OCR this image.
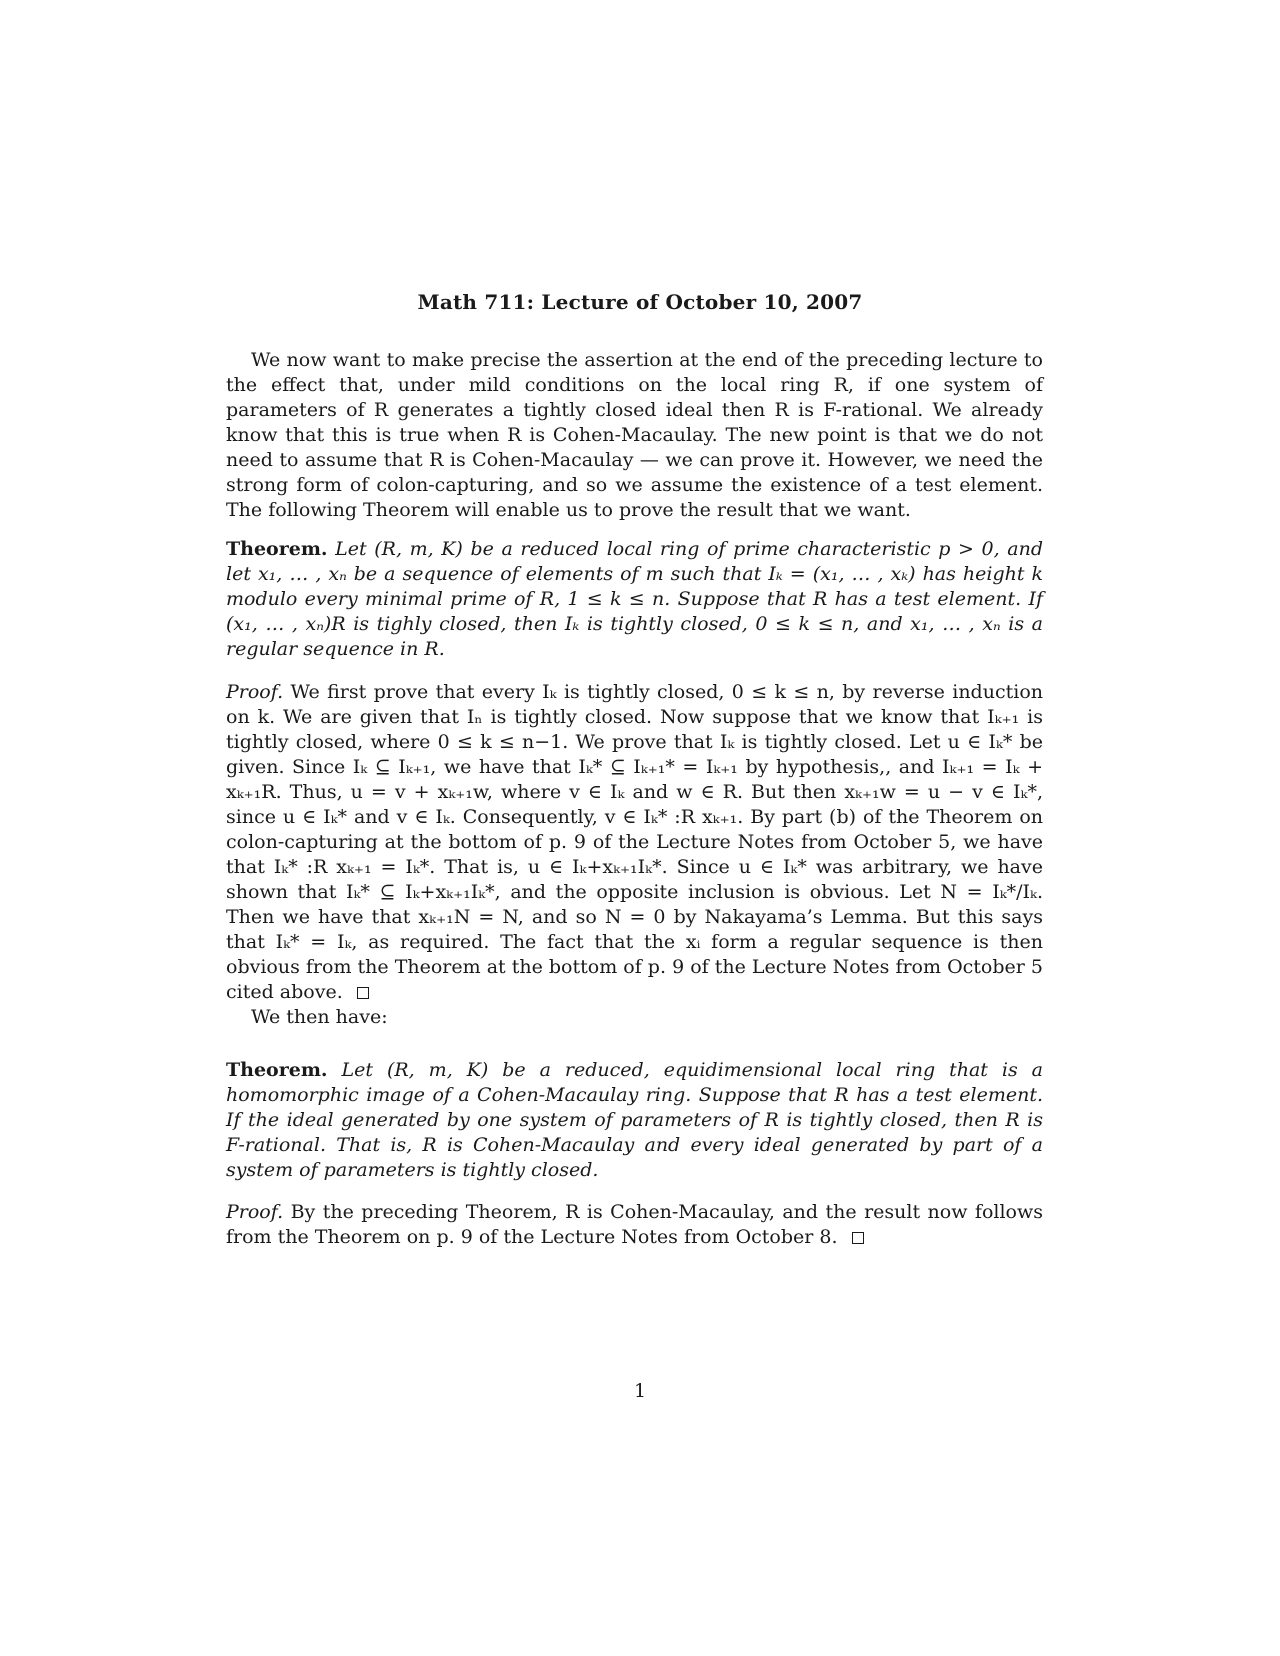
Math 711: Lecture of October 10, 2007

We now want to make precise the assertion at the end of the preceding lecture to the effect that, under mild conditions on the local ring R, if one system of parameters of R generates a tightly closed ideal then R is F-rational. We already know that this is true when R is Cohen-Macaulay. The new point is that we do not need to assume that R is Cohen-Macaulay — we can prove it. However, we need the strong form of colon-capturing, and so we assume the existence of a test element. The following Theorem will enable us to prove the result that we want.

Theorem. Let (R, m, K) be a reduced local ring of prime characteristic p > 0, and let x₁, … , xₙ be a sequence of elements of m such that Iₖ = (x₁, … , xₖ) has height k modulo every minimal prime of R, 1 ≤ k ≤ n. Suppose that R has a test element. If (x₁, … , xₙ)R is tighly closed, then Iₖ is tightly closed, 0 ≤ k ≤ n, and x₁, … , xₙ is a regular sequence in R.

Proof. We first prove that every Iₖ is tightly closed, 0 ≤ k ≤ n, by reverse induction on k. We are given that Iₙ is tightly closed. Now suppose that we know that Iₖ₊₁ is tightly closed, where 0 ≤ k ≤ n−1. We prove that Iₖ is tightly closed. Let u ∈ Iₖ* be given. Since Iₖ ⊆ Iₖ₊₁, we have that Iₖ* ⊆ Iₖ₊₁* = Iₖ₊₁ by hypothesis,, and Iₖ₊₁ = Iₖ + xₖ₊₁R. Thus, u = v + xₖ₊₁w, where v ∈ Iₖ and w ∈ R. But then xₖ₊₁w = u − v ∈ Iₖ*, since u ∈ Iₖ* and v ∈ Iₖ. Consequently, v ∈ Iₖ* :R xₖ₊₁. By part (b) of the Theorem on colon-capturing at the bottom of p. 9 of the Lecture Notes from October 5, we have that Iₖ* :R xₖ₊₁ = Iₖ*. That is, u ∈ Iₖ+xₖ₊₁Iₖ*. Since u ∈ Iₖ* was arbitrary, we have shown that Iₖ* ⊆ Iₖ+xₖ₊₁Iₖ*, and the opposite inclusion is obvious. Let N = Iₖ*/Iₖ. Then we have that xₖ₊₁N = N, and so N = 0 by Nakayama’s Lemma. But this says that Iₖ* = Iₖ, as required. The fact that the xᵢ form a regular sequence is then obvious from the Theorem at the bottom of p. 9 of the Lecture Notes from October 5 cited above.

We then have:

Theorem. Let (R, m, K) be a reduced, equidimensional local ring that is a homomorphic image of a Cohen-Macaulay ring. Suppose that R has a test element. If the ideal generated by one system of parameters of R is tightly closed, then R is F-rational. That is, R is Cohen-Macaulay and every ideal generated by part of a system of parameters is tightly closed.

Proof. By the preceding Theorem, R is Cohen-Macaulay, and the result now follows from the Theorem on p. 9 of the Lecture Notes from October 8.

1
